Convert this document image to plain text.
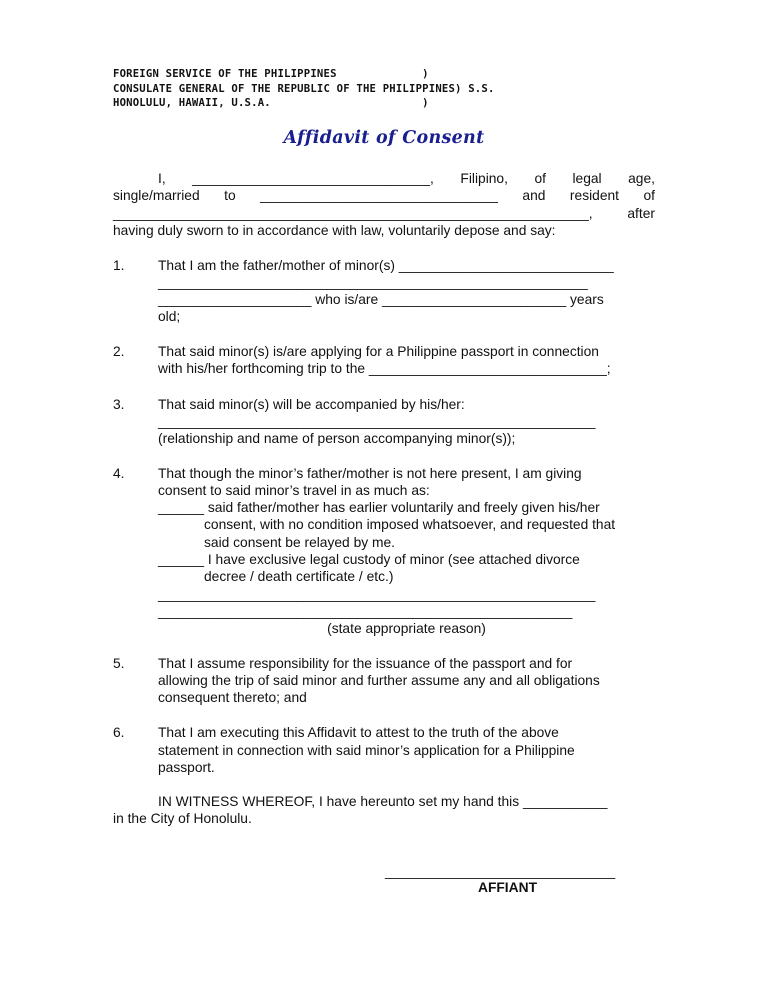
FOREIGN SERVICE OF THE PHILIPPINES             )
CONSULATE GENERAL OF THE REPUBLIC OF THE PHILIPPINES) S.S.
HONOLULU, HAWAII, U.S.A.                       )
Affidavit of Consent
I, _______________________________, Filipino, of legal age,
single/married to _______________________________ and resident of
______________________________________________________________, after
having duly sworn to in accordance with law, voluntarily depose and say:
1. That I am the father/mother of minor(s) ____________________________
________________________________________________________
____________________ who is/are ________________________ years
old;
2. That said minor(s) is/are applying for a Philippine passport in connection
with his/her forthcoming trip to the _______________________________;
3. That said minor(s) will be accompanied by his/her:
_________________________________________________________
(relationship and name of person accompanying minor(s));
4. That though the minor’s father/mother is not here present, I am giving
consent to said minor’s travel in as much as:
______ said father/mother has earlier voluntarily and freely given his/her
consent, with no condition imposed whatsoever, and requested that
said consent be relayed by me.
______ I have exclusive legal custody of minor (see attached divorce
decree / death certificate / etc.)
_________________________________________________________
______________________________________________________
(state appropriate reason)
5. That I assume responsibility for the issuance of the passport and for
allowing the trip of said minor and further assume any and all obligations
consequent thereto; and
6. That I am executing this Affidavit to attest to the truth of the above
statement in connection with said minor’s application for a Philippine
passport.
IN WITNESS WHEREOF, I have hereunto set my hand this ___________
in the City of Honolulu.
______________________________
AFFIANT
